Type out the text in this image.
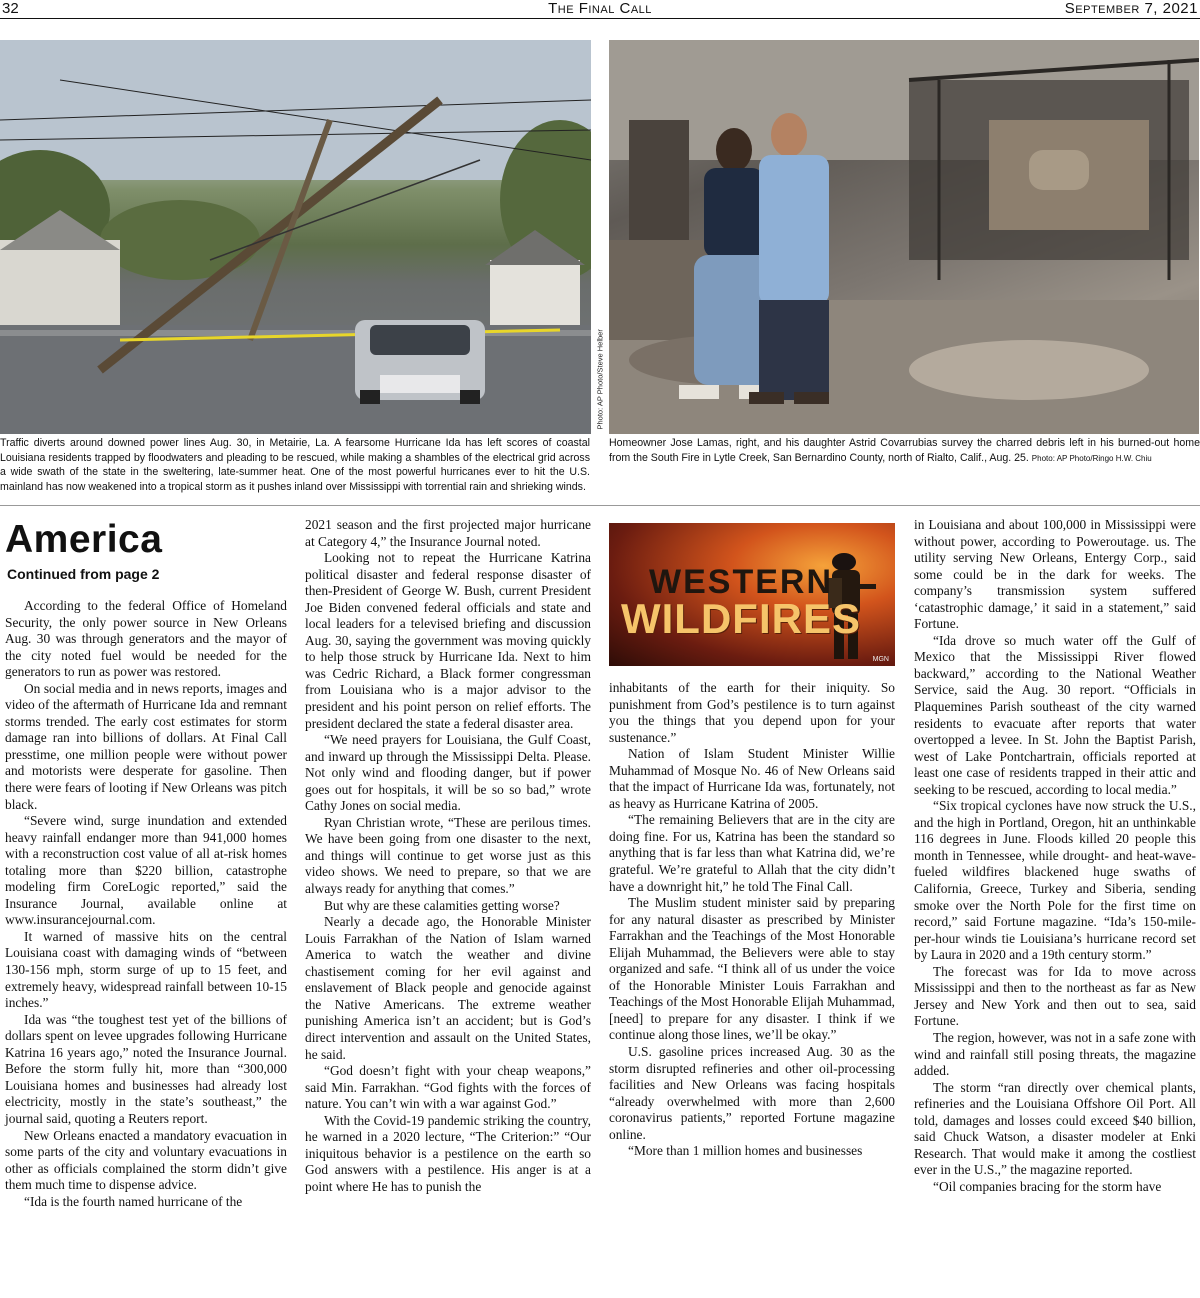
32	The Final Call	September 7, 2021
Photo: AP Photo/Steve Helber
Traffic diverts around downed power lines Aug. 30, in Metairie, La. A fearsome Hurricane Ida has left scores of coastal Louisiana residents trapped by floodwaters and pleading to be rescued, while making a shambles of the electrical grid across a wide swath of the state in the sweltering, late-summer heat. One of the most powerful hurricanes ever to hit the U.S. mainland has now weakened into a tropical storm as it pushes inland over Mississippi with torrential rain and shrieking winds.
Homeowner Jose Lamas, right, and his daughter Astrid Covarrubias survey the charred debris left in his burned-out home from the South Fire in Lytle Creek, San Bernardino County, north of Rialto, Calif., Aug. 25. Photo: AP Photo/Ringo H.W. Chiu
America
Continued from page 2

According to the federal Office of Homeland Security, the only power source in New Orleans Aug. 30 was through generators and the mayor of the city noted fuel would be needed for the generators to run as power was restored.

On social media and in news reports, images and video of the aftermath of Hurricane Ida and remnant storms trended. The early cost estimates for storm damage ran into billions of dollars. At Final Call presstime, one million people were without power and motorists were desperate for gasoline. Then there were fears of looting if New Orleans was pitch black.

“Severe wind, surge inundation and extended heavy rainfall endanger more than 941,000 homes with a reconstruction cost value of all at-risk homes totaling more than $220 billion, catastrophe modeling firm CoreLogic reported,” said the Insurance Journal, available online at www.insurancejournal.com.

It warned of massive hits on the central Louisiana coast with damaging winds of “between 130-156 mph, storm surge of up to 15 feet, and extremely heavy, widespread rainfall between 10-15 inches.”

Ida was “the toughest test yet of the billions of dollars spent on levee upgrades following Hurricane Katrina 16 years ago,” noted the Insurance Journal. Before the storm fully hit, more than “300,000 Louisiana homes and businesses had already lost electricity, mostly in the state’s southeast,” the journal said, quoting a Reuters report.

New Orleans enacted a mandatory evacuation in some parts of the city and voluntary evacuations in other as officials complained the storm didn’t give them much time to dispense advice.

“Ida is the fourth named hurricane of the

2021 season and the first projected major hurricane at Category 4,” the Insurance Journal noted.

Looking not to repeat the Hurricane Katrina political disaster and federal response disaster of then-President of George W. Bush, current President Joe Biden convened federal officials and state and local leaders for a televised briefing and discussion Aug. 30, saying the government was moving quickly to help those struck by Hurricane Ida. Next to him was Cedric Richard, a Black former congressman from Louisiana who is a major advisor to the president and his point person on relief efforts. The president declared the state a federal disaster area.

“We need prayers for Louisiana, the Gulf Coast, and inward up through the Mississippi Delta. Please. Not only wind and flooding danger, but if power goes out for hospitals, it will be so so bad,” wrote Cathy Jones on social media.

Ryan Christian wrote, “These are perilous times. We have been going from one disaster to the next, and things will continue to get worse just as this video shows. We need to prepare, so that we are always ready for anything that comes.”

But why are these calamities getting worse?

Nearly a decade ago, the Honorable Minister Louis Farrakhan of the Nation of Islam warned America to watch the weather and divine chastisement coming for her evil against and enslavement of Black people and genocide against the Native Americans. The extreme weather punishing America isn’t an accident; but is God’s direct intervention and assault on the United States, he said.

“God doesn’t fight with your cheap weapons,” said Min. Farrakhan. “God fights with the forces of nature. You can’t win with a war against God.”

With the Covid-19 pandemic striking the country, he warned in a 2020 lecture, “The Criterion:” “Our iniquitous behavior is a pestilence on the earth so God answers with a pestilence. His anger is at a point where He has to punish the

WESTERN
WILDFIRES
MGN

inhabitants of the earth for their iniquity. So punishment from God’s pestilence is to turn against you the things that you depend upon for your sustenance.”

Nation of Islam Student Minister Willie Muhammad of Mosque No. 46 of New Orleans said that the impact of Hurricane Ida was, fortunately, not as heavy as Hurricane Katrina of 2005.

“The remaining Believers that are in the city are doing fine. For us, Katrina has been the standard so anything that is far less than what Katrina did, we’re grateful. We’re grateful to Allah that the city didn’t have a downright hit,” he told The Final Call.

The Muslim student minister said by preparing for any natural disaster as prescribed by Minister Farrakhan and the Teachings of the Most Honorable Elijah Muhammad, the Believers were able to stay organized and safe. “I think all of us under the voice of the Honorable Minister Louis Farrakhan and Teachings of the Most Honorable Elijah Muhammad, [need] to prepare for any disaster. I think if we continue along those lines, we’ll be okay.”

U.S. gasoline prices increased Aug. 30 as the storm disrupted refineries and other oil-processing facilities and New Orleans was facing hospitals “already overwhelmed with more than 2,600 coronavirus patients,” reported Fortune magazine online.

“More than 1 million homes and businesses

in Louisiana and about 100,000 in Mississippi were without power, according to Poweroutage. us. The utility serving New Orleans, Entergy Corp., said some could be in the dark for weeks. The company’s transmission system suffered ‘catastrophic damage,’ it said in a statement,” said Fortune.

“Ida drove so much water off the Gulf of Mexico that the Mississippi River flowed backward,” according to the National Weather Service, said the Aug. 30 report. “Officials in Plaquemines Parish southeast of the city warned residents to evacuate after reports that water overtopped a levee. In St. John the Baptist Parish, west of Lake Pontchartrain, officials reported at least one case of residents trapped in their attic and seeking to be rescued, according to local media.”

“Six tropical cyclones have now struck the U.S., and the high in Portland, Oregon, hit an unthinkable 116 degrees in June. Floods killed 20 people this month in Tennessee, while drought- and heat-wave-fueled wildfires blackened huge swaths of California, Greece, Turkey and Siberia, sending smoke over the North Pole for the first time on record,” said Fortune magazine. “Ida’s 150-mile-per-hour winds tie Louisiana’s hurricane record set by Laura in 2020 and a 19th century storm.”

The forecast was for Ida to move across Mississippi and then to the northeast as far as New Jersey and New York and then out to sea, said Fortune.

The region, however, was not in a safe zone with wind and rainfall still posing threats, the magazine added.

The storm “ran directly over chemical plants, refineries and the Louisiana Offshore Oil Port. All told, damages and losses could exceed $40 billion, said Chuck Watson, a disaster modeler at Enki Research. That would make it among the costliest ever in the U.S.,” the magazine reported.

“Oil companies bracing for the storm have
